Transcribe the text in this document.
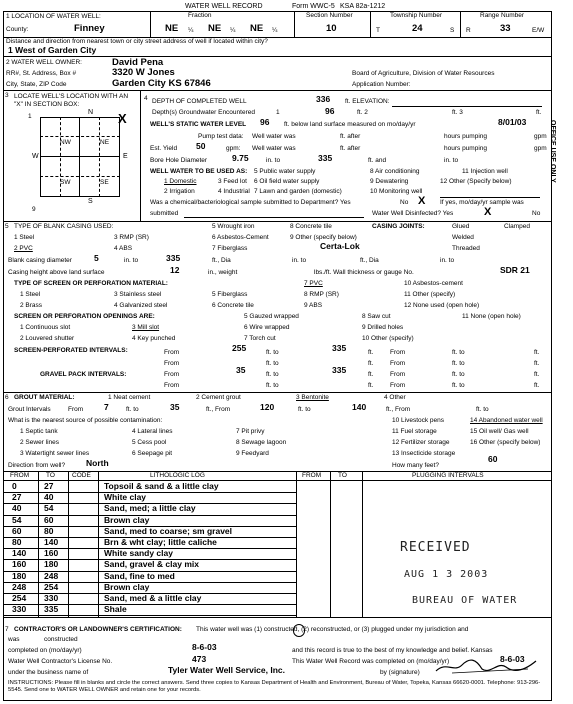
WATER WELL RECORD	Form WWC-5 KSA 82a-1212
OFFICE USE ONLY
1 LOCATION OF WATER WELL:	Fraction	Section Number	Township Number	Range Number
County:	Finney	NE ¼ NE ¼ NE ¼	10	T	24	S R	33	E/W
Distance and direction from nearest town or city street address of well if located within city?
1 West of Garden City
2 WATER WELL OWNER:	David Pena
RR#, St. Address, Box #	3320 W Jones
City, State, ZIP Code	Garden City KS 67846
Board of Agriculture, Division of Water Resources
Application Number:
3 LOCATE WELL'S LOCATION WITH AN "X" IN SECTION BOX:
N
S
W	E
NW	NE
SW	SE
X
1
9
4 DEPTH OF COMPLETED WELL	336 ft. ELEVATION:
Depth(s) Groundwater Encountered	1	96	ft. 2	ft. 3	ft.
WELL'S STATIC WATER LEVEL 96 ft. below land surface measured on mo/day/yr	8/01/03
Pump test data: Well water was	ft. after	hours pumping	gpm
Est. Yield 50	gpm: Well water was	ft. after	hours pumping	gpm
Bore Hole Diameter	9.75	in. to	335	ft. and	in. to
WELL WATER TO BE USED AS: 5 Public water supply	8 Air conditioning	11 Injection well
1 Domestic	3 Feed lot 6 Oil field water supply	9 Dewatering	12 Other (Specify below)
2 Irrigation	4 Industrial 7 Lawn and garden (domestic)	10 Monitoring well
Was a chemical/bacteriological sample submitted to Department? Yes	No X If yes, mo/day/yr sample was
submitted	Water Well Disinfected? Yes	X	No
5 TYPE OF BLANK CASING USED:	5 Wrought iron	8 Concrete tile	CASING JOINTS:	Glued	Clamped
1 Steel	3 RMP (SR)	6 Asbestos-Cement	9 Other (specify below)	Welded
2 PVC	4 ABS	7 Fiberglass	Certa-Lok	Threaded
Blank casing diameter	5	in. to	335	ft., Dia	in. to	ft., Dia	in. to
Casing height above land surface	12	in., weight	lbs./ft. Wall thickness or gauge No.	SDR 21
TYPE OF SCREEN OR PERFORATION MATERIAL:	7 PVC	10 Asbestos-cement
1 Steel	3 Stainless steel	5 Fiberglass	8 RMP (SR)	11 Other (specify)
2 Brass	4 Galvanized steel	6 Concrete tile	9 ABS	12 None used (open hole)
SCREEN OR PERFORATION OPENINGS ARE:	5 Gauzed wrapped	8 Saw cut	11 None (open hole)
1 Continuous slot	3 Mill slot	6 Wire wrapped	9 Drilled holes
2 Louvered shutter	4 Key punched	7 Torch cut	10 Other (specify)
SCREEN-PERFORATED INTERVALS:	From	255	ft. to	335	ft.	From	ft. to	ft.
From	ft. to	ft.	From	ft. to	ft.
GRAVEL PACK INTERVALS:	From	35	ft. to	335	ft.	From	ft. to	ft.
From	ft. to	ft.	From	ft. to	ft.
6 GROUT MATERIAL:	1 Neat cement	2 Cement grout	3 Bentonite	4 Other
Grout Intervals	From 7	ft. to	35	ft., From	120	ft. to	140	ft., From	ft. to
What is the nearest source of possible contamination:	10 Livestock pens	14 Abandoned water well
1 Septic tank	4 Lateral lines	7 Pit privy	11 Fuel storage	15 Oil well/ Gas well
2 Sewer lines	5 Cess pool	8 Sewage lagoon	12 Fertilizer storage	16 Other (specify below)
3 Watertight sewer lines	6 Seepage pit	9 Feedyard	13 Insecticide storage
Direction from well? North	How many feet?
60
FROM	TO	CODE	LITHOLOGIC LOG	FROM	TO	PLUGGING INTERVALS
0	27	Topsoil & sand & a little clay
27	40	White clay
40	54	Sand, med; a little clay
54	60	Brown clay
60	80	Sand, med to coarse; sm gravel
80	140	Brn & wht clay; little caliche
140 160	White sandy clay
160 180	Sand, gravel & clay mix
180 248	Sand, fine to med
248 254	Brown clay
254 330	Sand, med & a little clay
330 335	Shale
RECEIVED
AUG 1 3 2003
BUREAU OF WATER
7 CONTRACTOR'S OR LANDOWNER'S CERTIFICATION: This water well was (1) constructed, (2) reconstructed, or (3) plugged under my jurisdiction and
was	constructed
completed on (mo/day/yr)	8-6-03	and this record is true to the best of my knowledge and belief. Kansas
Water Well Contractor's License No.	473	This Water Well Record was completed on (mo/day/yr)	8-6-03
under the business name of	Tyler Water Well Service, Inc.	by (signature)
INSTRUCTIONS: Please fill in blanks and circle the correct answers. Send three copies to Kansas Department of Health and Environment, Bureau of Water, Topeka, Kansas 66620-0001. Telephone: 913-296-5545. Send one to WATER WELL OWNER and retain one for your records.
